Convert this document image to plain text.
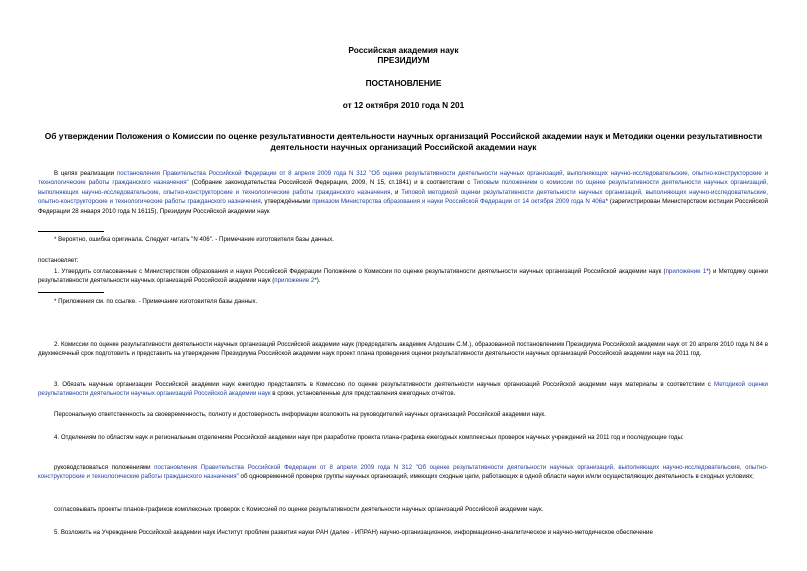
Российская академия наук
ПРЕЗИДИУМ
ПОСТАНОВЛЕНИЕ
от 12 октября 2010 года N 201
Об утверждении Положения о Комиссии по оценке результативности деятельности научных организаций Российской академии наук и Методики оценки результативности деятельности научных организаций Российской академии наук
В целях реализации постановления Правительства Российской Федерации от 8 апреля 2009 года N 312 "Об оценке результативности деятельности научных организаций, выполняющих научно-исследовательские, опытно-конструкторские и технологические работы гражданского назначения" (Собрание законодательства Российской Федерации, 2009, N 15, ст.1841) и в соответствии с Типовым положением о комиссии по оценке результативности деятельности научных организаций, выполняющих научно-исследовательские, опытно-конструкторские и технологические работы гражданского назначения, и Типовой методикой оценки результативности деятельности научных организаций, выполняющих научно-исследовательские, опытно-конструкторские и технологические работы гражданского назначения, утверждёнными приказом Министерства образования и науки Российской Федерации от 14 октября 2009 года N 406а* (зарегистрирован Министерством юстиции Российской Федерации 28 января 2010 года N 16115), Президиум Российской академии наук
* Вероятно, ошибка оригинала. Следует читать "N 406". - Примечание изготовителя базы данных.
постановляет:
1. Утвердить согласованные с Министерством образования и науки Российской Федерации Положение о Комиссии по оценке результативности деятельности научных организаций Российской академии наук (приложение 1*) и Методику оценки результативности деятельности научных организаций Российской академии наук (приложение 2*).
* Приложения см. по ссылке. - Примечание изготовителя базы данных.
2. Комиссии по оценке результативности деятельности научных организаций Российской академии наук (председатель академик Алдошин С.М.), образованной постановлением Президиума Российской академии наук от 20 апреля 2010 года N 84 в двухмесячный срок подготовить и представить на утверждение Президиума Российской академии наук проект плана проведения оценки результативности деятельности научных организаций Российской академии наук на 2011 год.
3. Обязать научные организации Российской академии наук ежегодно представлять в Комиссию по оценке результативности деятельности научных организаций Российской академии наук материалы в соответствии с Методикой оценки результативности деятельности научных организаций Российской академии наук в сроки, установленные для представления ежегодных отчётов.
Персональную ответственность за своевременность, полноту и достоверность информации возложить на руководителей научных организаций Российской академии наук.
4. Отделениям по областям наук и региональным отделениям Российской академии наук при разработке проекта плана-графика ежегодных комплексных проверок научных учреждений на 2011 год и последующие годы:
руководствоваться положениями постановления Правительства Российской Федерации от 8 апреля 2009 года N 312 "Об оценке результативности деятельности научных организаций, выполняющих научно-исследовательские, опытно-конструкторские и технологические работы гражданского назначения" об одновременной проверке группы научных организаций, имеющих сходные цели, работающих в одной области науки и/или осуществляющих деятельность в сходных условиях;
согласовывать проекты планов-графиков комплексных проверок с Комиссией по оценке результативности деятельности научных организаций Российской академии наук.
5. Возложить на Учреждение Российской академии наук Институт проблем развития науки РАН (далее - ИПРАН) научно-организационное, информационно-аналитическое и научно-методическое обеспечение
